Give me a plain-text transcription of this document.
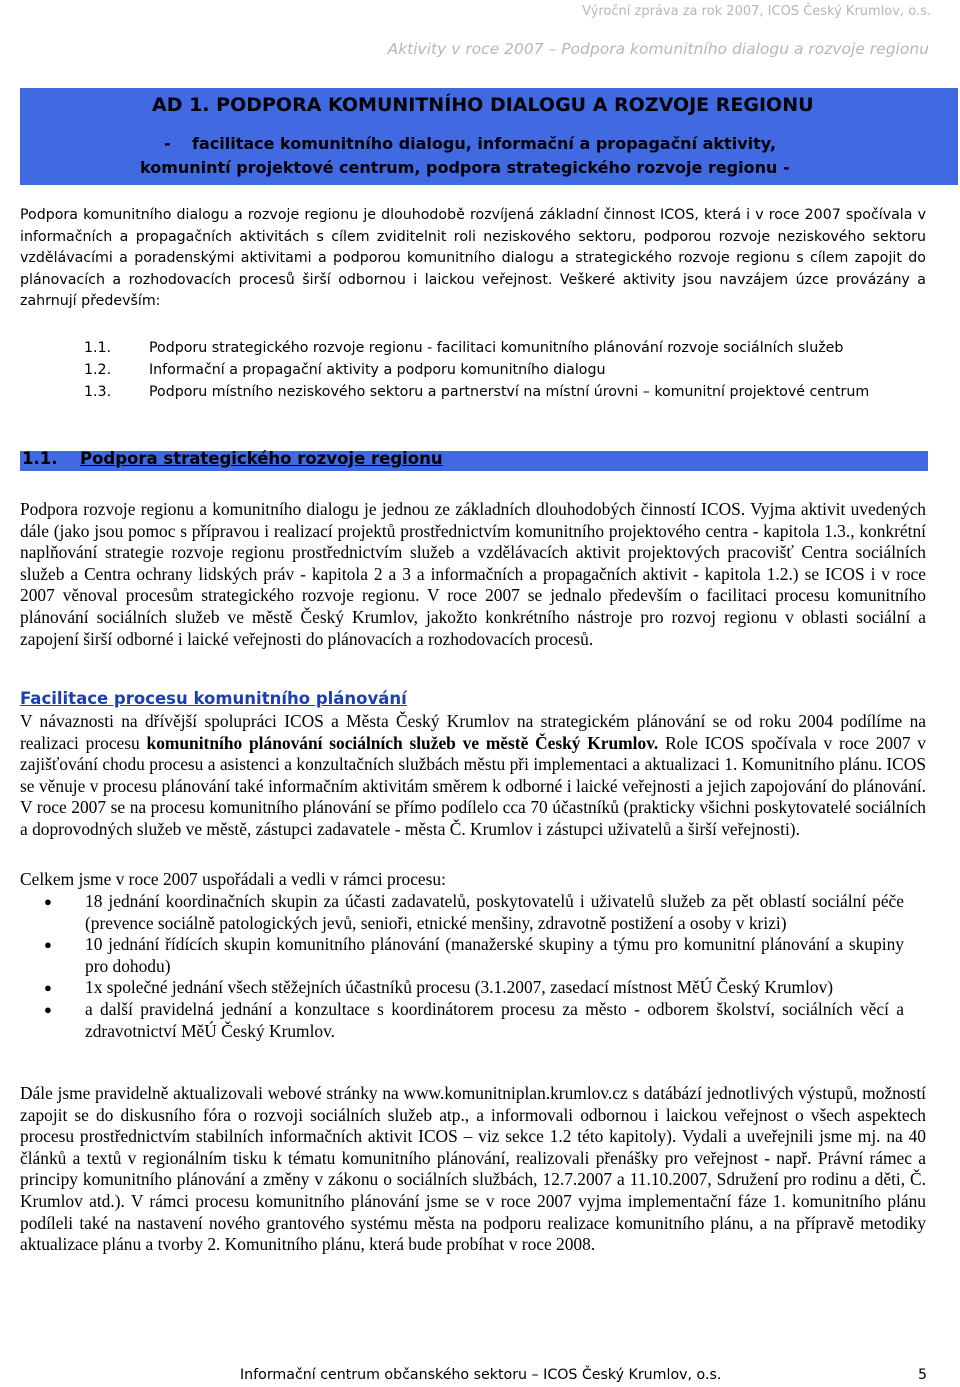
Výroční zpráva za rok 2007, ICOS Český Krumlov, o.s.
Aktivity v roce 2007 – Podpora komunitního dialogu a rozvoje regionu
AD 1. PODPORA KOMUNITNÍHO DIALOGU A ROZVOJE REGIONU
-	facilitace komunitního dialogu, informační a propagační aktivity,
komunintí projektové centrum, podpora strategického rozvoje regionu -
Podpora komunitního dialogu a rozvoje regionu je dlouhodobě rozvíjená základní činnost ICOS, která i v roce 2007 spočívala v informačních a propagačních aktivitách s cílem zviditelnit roli neziskového sektoru, podporou rozvoje neziskového sektoru vzdělávacími a poradenskými aktivitami a podporou komunitního dialogu a strategického rozvoje regionu s cílem zapojit do plánovacích a rozhodovacích procesů širší odbornou i laickou veřejnost. Veškeré aktivity jsou navzájem úzce provázány a zahrnují především:
1.1.	Podporu strategického rozvoje regionu - facilitaci komunitního plánování rozvoje sociálních služeb
1.2.	Informační a propagační aktivity a podporu komunitního dialogu
1.3.	Podporu místního neziskového sektoru a partnerství na místní úrovni – komunitní projektové centrum
1.1. Podpora strategického rozvoje regionu
Podpora rozvoje regionu a komunitního dialogu je jednou ze základních dlouhodobých činností ICOS. Vyjma aktivit uvedených dále (jako jsou pomoc s přípravou i realizací projektů prostřednictvím komunitního projektového centra - kapitola 1.3., konkrétní naplňování strategie rozvoje regionu prostřednictvím služeb a vzdělávacích aktivit projektových pracovišť Centra sociálních služeb a Centra ochrany lidských práv - kapitola 2 a 3 a informačních a propagačních aktivit - kapitola 1.2.) se ICOS i v roce 2007 věnoval procesům strategického rozvoje regionu. V roce 2007 se jednalo především o facilitaci procesu komunitního plánování sociálních služeb ve městě Český Krumlov, jakožto konkrétního nástroje pro rozvoj regionu v oblasti sociální a zapojení širší odborné i laické veřejnosti do plánovacích a rozhodovacích procesů.
Facilitace procesu komunitního plánování
V návaznosti na dřívější spolupráci ICOS a Města Český Krumlov na strategickém plánování se od roku 2004 podílíme na realizaci procesu komunitního plánování sociálních služeb ve městě Český Krumlov. Role ICOS spočívala v roce 2007 v zajišťování chodu procesu a asistenci a konzultačních službách městu při implementaci a aktualizaci 1. Komunitního plánu. ICOS se věnuje v procesu plánování také informačním aktivitám směrem k odborné i laické veřejnosti a jejich zapojování do plánování. V roce 2007 se na procesu komunitního plánování se přímo podílelo cca 70 účastníků (prakticky všichni poskytovatelé sociálních a doprovodných služeb ve městě, zástupci zadavatele - města Č. Krumlov i zástupci uživatelů a širší veřejnosti).
Celkem jsme v roce 2007 uspořádali a vedli v rámci procesu:
●	18 jednání koordinačních skupin za účasti zadavatelů, poskytovatelů i uživatelů služeb za pět oblastí sociální péče (prevence sociálně patologických jevů, senioři, etnické menšiny, zdravotně postižení a osoby v krizi)
●	10 jednání řídících skupin komunitního plánování (manažerské skupiny a týmu pro komunitní plánování a skupiny pro dohodu)
●	1x společné jednání všech stěžejních účastníků procesu (3.1.2007, zasedací místnost MěÚ Český Krumlov)
●	a další pravidelná jednání a konzultace s koordinátorem procesu za město - odborem školství, sociálních věcí a zdravotnictví MěÚ Český Krumlov.
Dále jsme pravidelně aktualizovali webové stránky na www.komunitniplan.krumlov.cz s datábází jednotlivých výstupů, možností zapojit se do diskusního fóra o rozvoji sociálních služeb atp., a informovali odbornou i laickou veřejnost o všech aspektech procesu prostřednictvím stabilních informačních aktivit ICOS – viz sekce 1.2 této kapitoly). Vydali a uveřejnili jsme mj. na 40 článků a textů v regionálním tisku k tématu komunitního plánování, realizovali přenášky pro veřejnost - např. Právní rámec a principy komunitního plánování a změny v zákonu o sociálních službách, 12.7.2007 a 11.10.2007, Sdružení pro rodinu a děti, Č. Krumlov atd.). V rámci procesu komunitního plánování jsme se v roce 2007 vyjma implementační fáze 1. komunitního plánu podíleli také na nastavení nového grantového systému města na podporu realizace komunitního plánu, a na přípravě metodiky aktualizace plánu a tvorby 2. Komunitního plánu, která bude probíhat v roce 2008.
Informační centrum občanského sektoru – ICOS Český Krumlov, o.s.	5
